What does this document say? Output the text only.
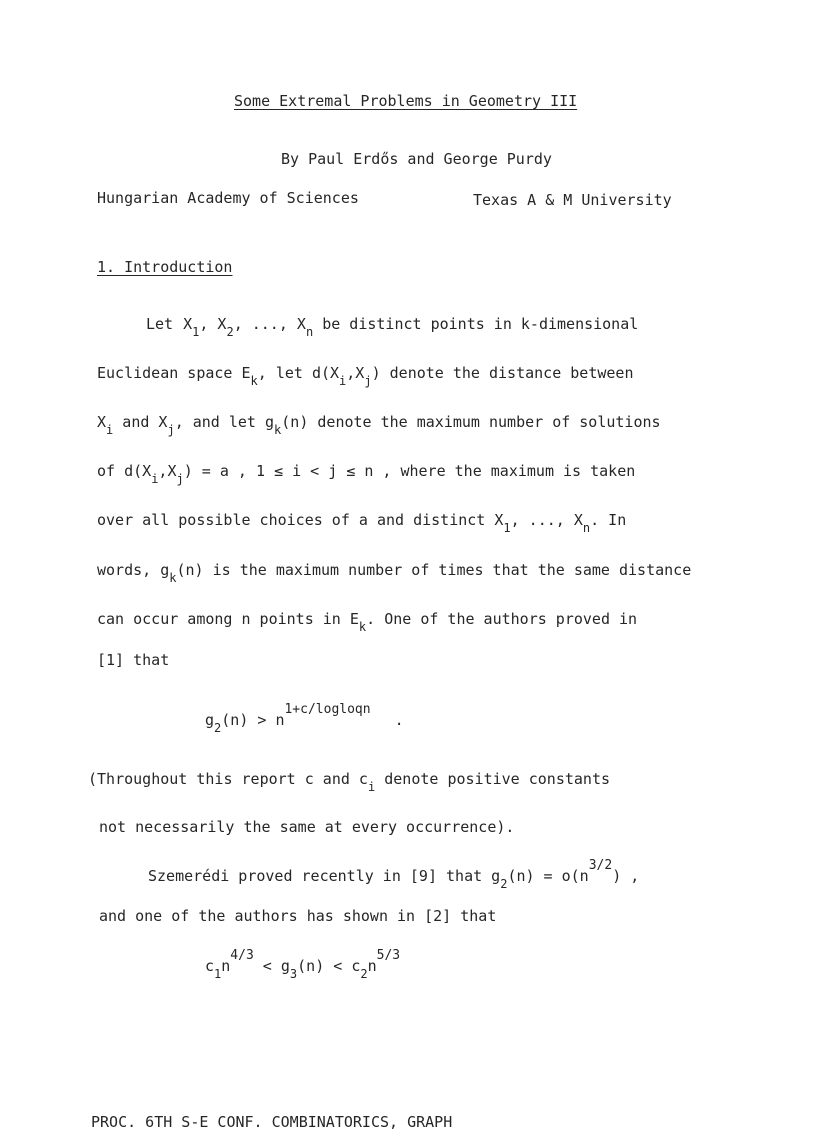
Some Extremal Problems in Geometry III
By Paul Erdős and George Purdy
Hungarian Academy of Sciences	Texas A & M University
1. Introduction
Let $X_1$, $X_2$, ..., $X_n$ be distinct points in k-dimensional
Euclidean space $E_k$, let $d(X_i,X_j)$ denote the distance between
$X_i$ and $X_j$, and let $g_k(n)$ denote the maximum number of solutions
of $d(X_i,X_j) = a$ , 1 ≤ i < j ≤ n , where the maximum is taken
over all possible choices of a and distinct $X_1$, ..., $X_n$. In
words, $g_k(n)$ is the maximum number of times that the same distance
can occur among n points in $E_k$. One of the authors proved in
[1] that
$g_2(n)$ > n1+c/logloqn.
(Throughout this report c and $c_i$ denote positive constants
not necessarily the same at every occurrence).
Szemerédi proved recently in [9] that $g_2(n) = o(n3/2)$ ,
and one of the authors has shown in [2] that
$c_1n4/3 < g_3(n) < c_2n5/3$
PROC. 6TH S-E CONF. COMBINATORICS, GRAPH
